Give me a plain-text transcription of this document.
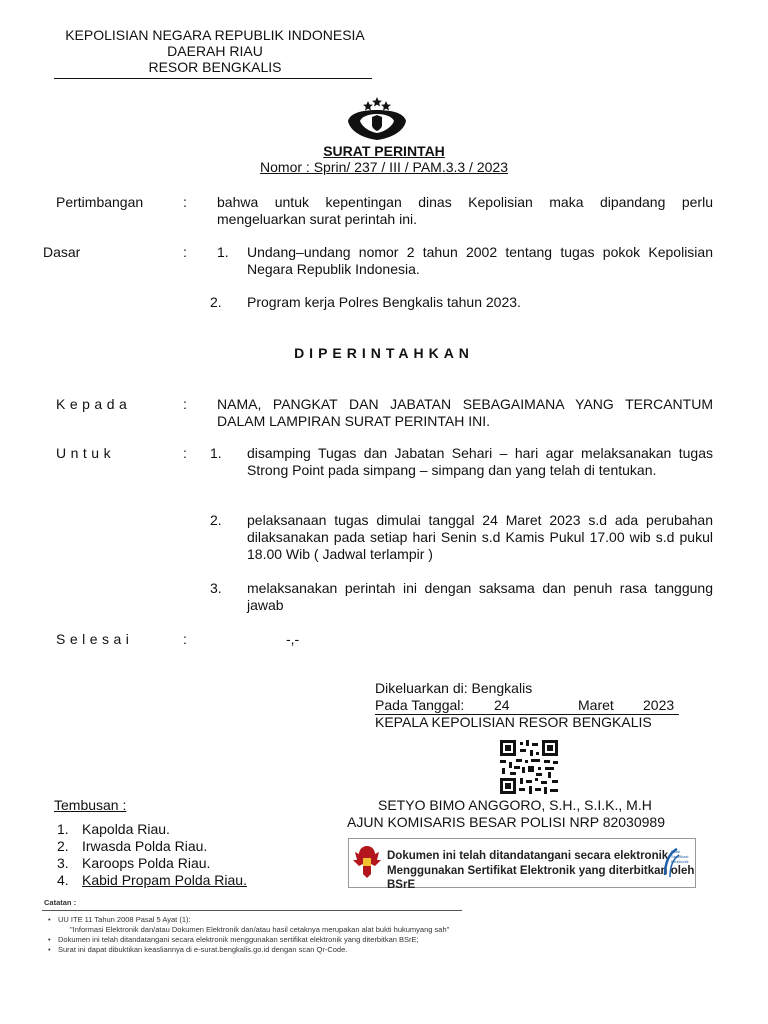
KEPOLISIAN NEGARA REPUBLIK INDONESIA
DAERAH RIAU
RESOR BENGKALIS
SURAT PERINTAH
Nomor : Sprin/ 237 / III / PAM.3.3 / 2023
Pertimbangan	: bahwa untuk kepentingan dinas Kepolisian maka dipandang perlu mengeluarkan surat perintah ini.
Dasar	: 1.	Undang–undang nomor 2 tahun 2002 tentang tugas pokok Kepolisian Negara Republik Indonesia.
2.	Program kerja Polres Bengkalis tahun 2023.
DIPERINTAHKAN
Kepada	: NAMA, PANGKAT DAN JABATAN SEBAGAIMANA YANG TERCANTUM DALAM LAMPIRAN SURAT PERINTAH INI.
Untuk	: 1.	disamping Tugas dan Jabatan Sehari – hari agar melaksanakan tugas Strong Point pada simpang – simpang dan yang telah di tentukan.
2.	pelaksanaan tugas dimulai tanggal 24 Maret 2023 s.d ada perubahan dilaksanakan pada setiap hari Senin s.d Kamis Pukul 17.00 wib s.d pukul 18.00 Wib ( Jadwal terlampir )
3.	melaksanakan perintah ini dengan saksama dan penuh rasa tanggung jawab
Selesai	:	-,-
Dikeluarkan di: Bengkalis
Pada Tanggal: 24	Maret 2023
KEPALA KEPOLISIAN RESOR BENGKALIS
SETYO BIMO ANGGORO, S.H., S.I.K., M.H
AJUN KOMISARIS BESAR POLISI NRP 82030989
Tembusan :
1. Kapolda Riau.
2. Irwasda Polda Riau.
3. Karoops Polda Riau.
4. Kabid Propam Polda Riau.
Dokumen ini telah ditandatangani secara elektronik
Menggunakan Sertifikat Elektronik yang diterbitkan oleh BSrE
Balai Sertifikasi Elektronik
Catatan :
• UU ITE 11 Tahun 2008 Pasal 5 Ayat (1):
"Informasi Elektronik dan/atau Dokumen Elektronik dan/atau hasil cetaknya merupakan alat bukti hukumyang sah"
• Dokumen ini telah ditandatangani secara elektronik menggunakan sertifikat elektronik yang diterbitkan BSrE;
• Surat ini dapat dibuktikan keasliannya di e-surat.bengkalis.go.id dengan scan Qr-Code.
